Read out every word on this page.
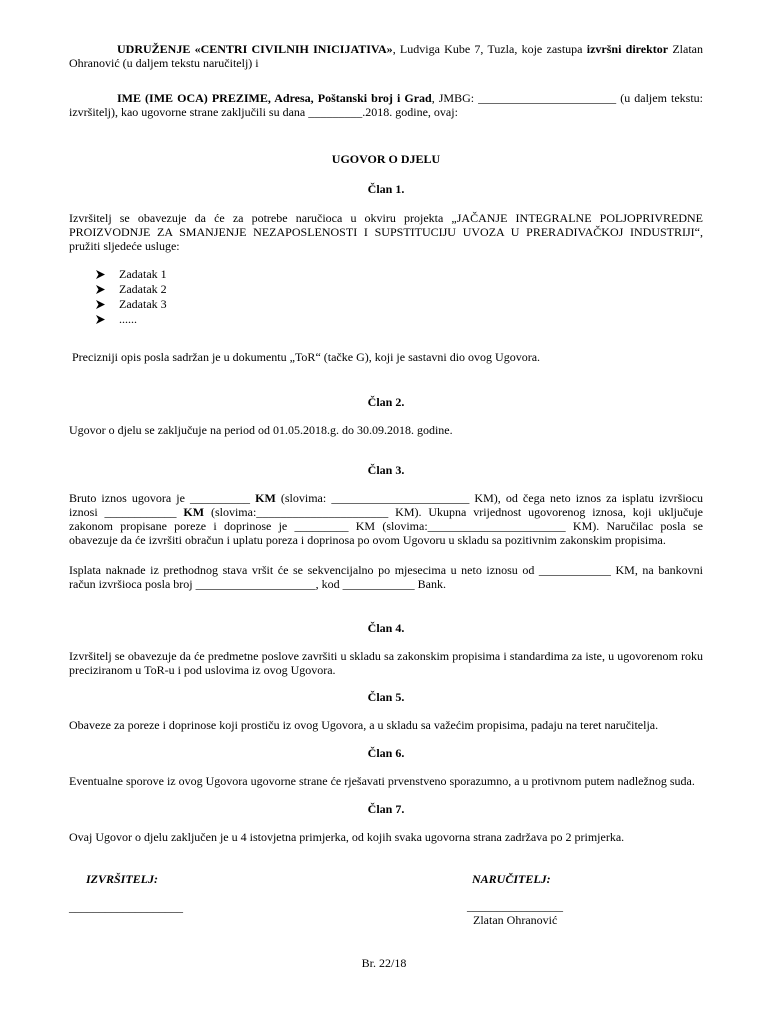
UDRUŽENJE «CENTRI CIVILNIH INICIJATIVA», Ludviga Kube 7, Tuzla, koje zastupa izvršni direktor Zlatan Ohranović (u daljem tekstu naručitelj) i
IME (IME OCA) PREZIME, Adresa, Poštanski broj i Grad, JMBG: _______________________ (u daljem tekstu: izvršitelj), kao ugovorne strane zaključili su dana _________.2018. godine, ovaj:
UGOVOR O DJELU
Član 1.
Izvršitelj se obavezuje da će za potrebe naručioca u okviru projekta „JAČANJE INTEGRALNE POLJOPRIVREDNE PROIZVODNJE ZA SMANJENJE NEZAPOSLENOSTI I SUPSTITUCIJU UVOZA U PRERADIVAČKOJ INDUSTRIJI“, pružiti sljedeće usluge:
Zadatak 1
Zadatak 2
Zadatak 3
......
Precizniji opis posla sadržan je u dokumentu „ToR“ (tačke G), koji je sastavni dio ovog Ugovora.
Član 2.
Ugovor o djelu se zaključuje na period od 01.05.2018.g. do 30.09.2018. godine.
Član 3.
Bruto iznos ugovora je __________ KM (slovima: _______________________ KM), od čega neto iznos za isplatu izvršiocu iznosi ____________ KM (slovima:______________________ KM). Ukupna vrijednost ugovorenog iznosa, koji uključuje zakonom propisane poreze i doprinose je _________ KM (slovima:_______________________ KM). Naručilac posla se obavezuje da će izvršiti obračun i uplatu poreza i doprinosa po ovom Ugovoru u skladu sa pozitivnim zakonskim propisima.
Isplata naknade iz prethodnog stava vršit će se sekvencijalno po mjesecima u neto iznosu od ____________ KM, na bankovni račun izvršioca posla broj ____________________, kod ____________ Bank.
Član 4.
Izvršitelj se obavezuje da će predmetne poslove završiti u skladu sa zakonskim propisima i standardima za iste, u ugovorenom roku preciziranom u ToR-u i pod uslovima iz ovog Ugovora.
Član 5.
Obaveze za poreze i doprinose koji prostiču iz ovog Ugovora, a u skladu sa važećim propisima, padaju na teret naručitelja.
Član 6.
Eventualne sporove iz ovog Ugovora ugovorne strane će rješavati prvenstveno sporazumno, a u protivnom putem nadležnog suda.
Član 7.
Ovaj Ugovor o djelu zaključen je u 4 istovjetna primjerka, od kojih svaka ugovorna strana zadržava po 2 primjerka.
IZVRŠITELJ:
___________________
NARUČITELJ:
________________
Zlatan Ohranović
Br. 22/18
